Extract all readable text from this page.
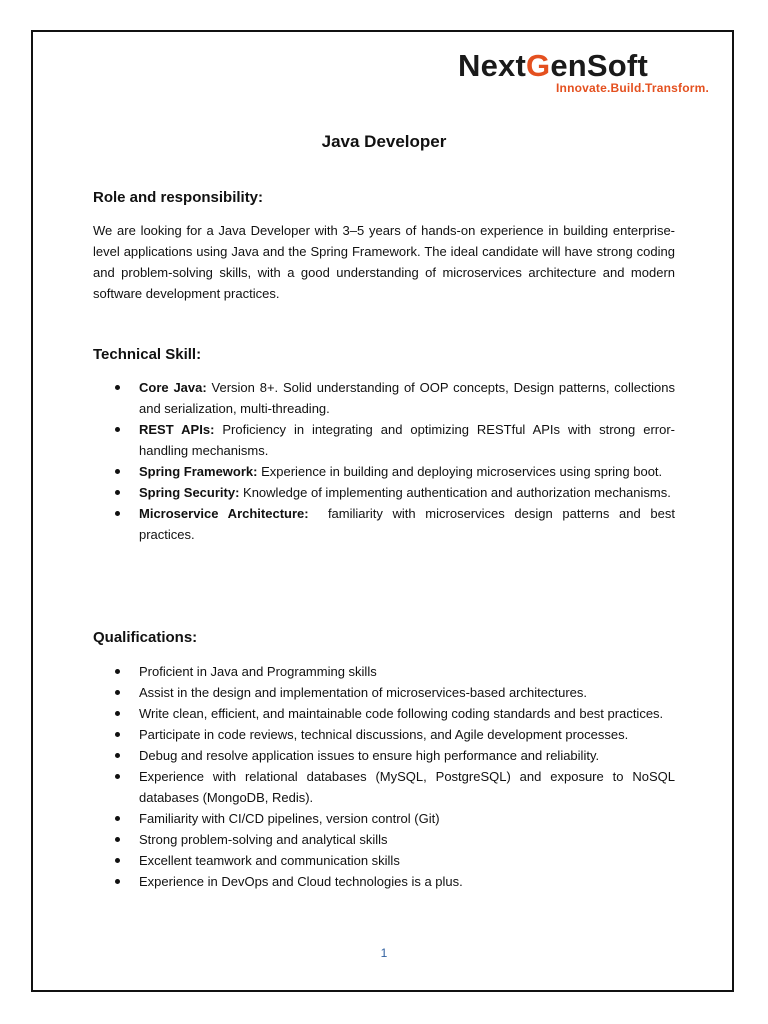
NextGenSoft
Innovate.Build.Transform.
Java Developer
Role and responsibility:

We are looking for a Java Developer with 3–5 years of hands-on experience in building enterprise-level applications using Java and the Spring Framework. The ideal candidate will have strong coding and problem-solving skills, with a good understanding of microservices architecture and modern software development practices.

Technical Skill:
Core Java: Version 8+. Solid understanding of OOP concepts, Design patterns, collections and serialization, multi-threading.
REST APIs: Proficiency in integrating and optimizing RESTful APIs with strong error-handling mechanisms.
Spring Framework: Experience in building and deploying microservices using spring boot.
Spring Security: Knowledge of implementing authentication and authorization mechanisms.
Microservice Architecture:  familiarity with microservices design patterns and best practices.
Qualifications:
Proficient in Java and Programming skills
Assist in the design and implementation of microservices-based architectures.
Write clean, efficient, and maintainable code following coding standards and best practices.
Participate in code reviews, technical discussions, and Agile development processes.
Debug and resolve application issues to ensure high performance and reliability.
Experience with relational databases (MySQL, PostgreSQL) and exposure to NoSQL databases (MongoDB, Redis).
Familiarity with CI/CD pipelines, version control (Git)
Strong problem-solving and analytical skills
Excellent teamwork and communication skills
Experience in DevOps and Cloud technologies is a plus.
1
